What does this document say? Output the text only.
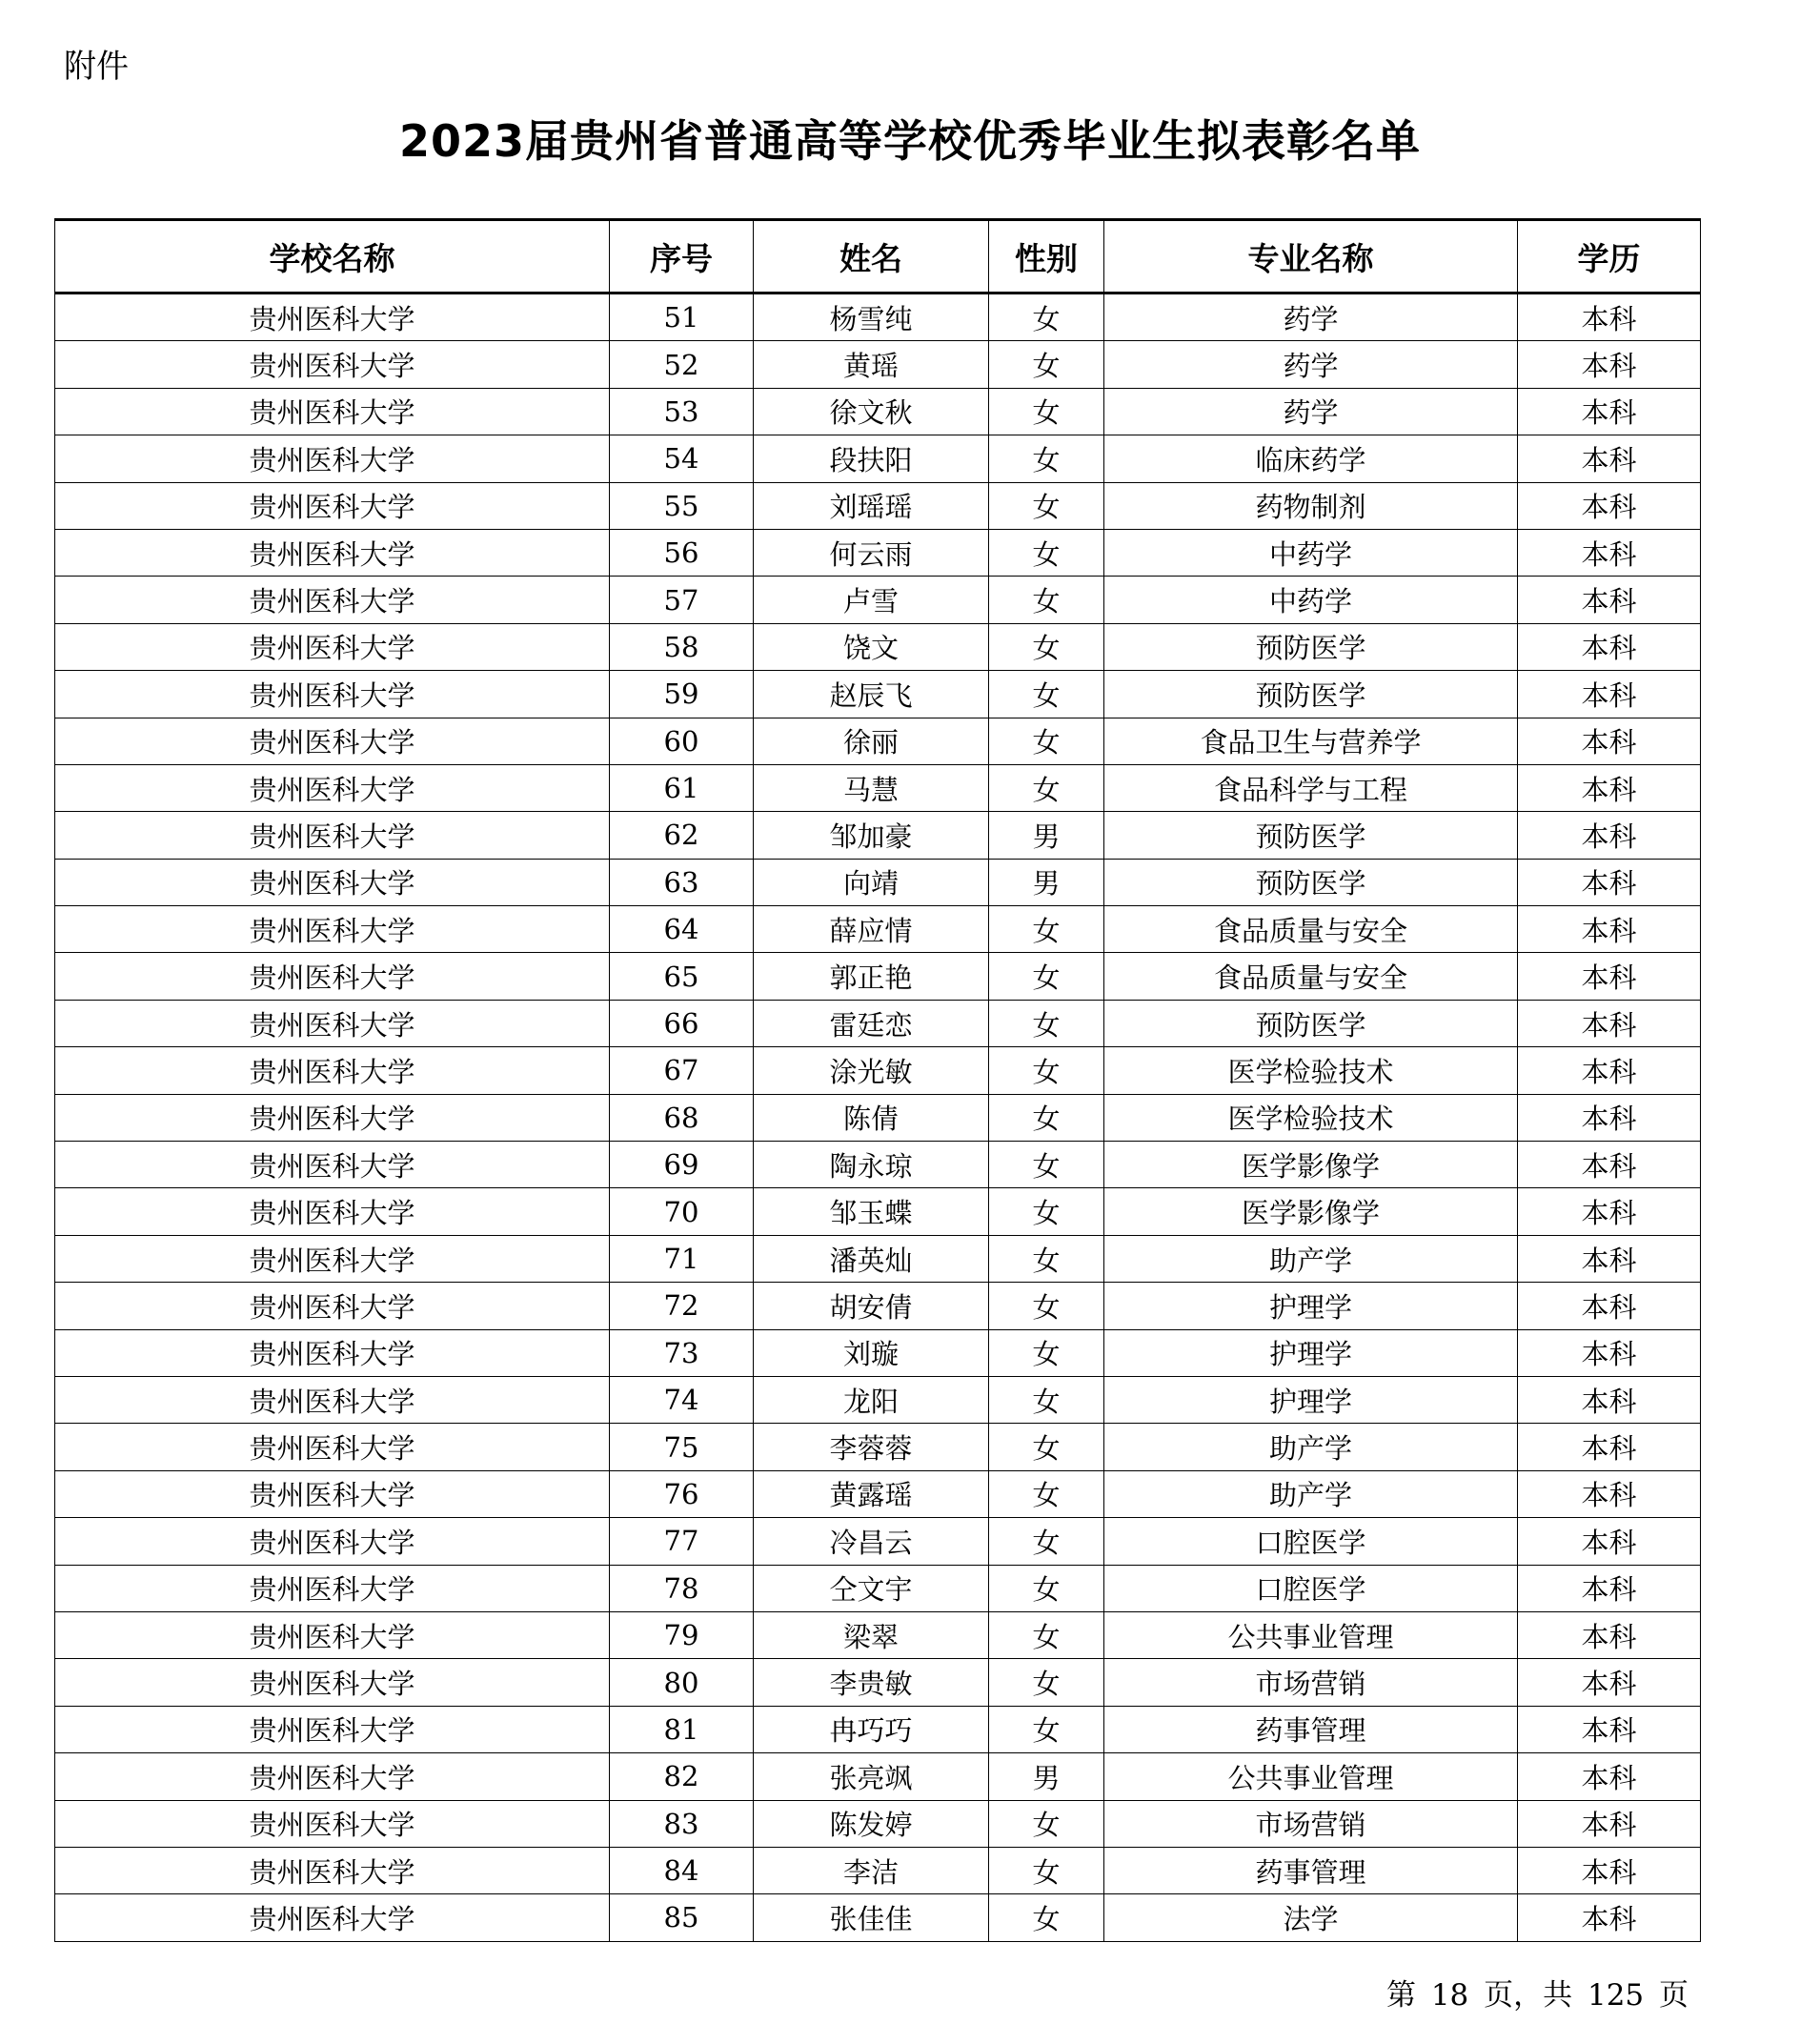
附件
2023届贵州省普通高等学校优秀毕业生拟表彰名单
学校名称	序号	姓名	性别	专业名称	学历
贵州医科大学	51	杨雪纯	女	药学	本科
贵州医科大学	52	黄瑶	女	药学	本科
贵州医科大学	53	徐文秋	女	药学	本科
贵州医科大学	54	段扶阳	女	临床药学	本科
贵州医科大学	55	刘瑶瑶	女	药物制剂	本科
贵州医科大学	56	何云雨	女	中药学	本科
贵州医科大学	57	卢雪	女	中药学	本科
贵州医科大学	58	饶文	女	预防医学	本科
贵州医科大学	59	赵辰飞	女	预防医学	本科
贵州医科大学	60	徐丽	女	食品卫生与营养学	本科
贵州医科大学	61	马慧	女	食品科学与工程	本科
贵州医科大学	62	邹加豪	男	预防医学	本科
贵州医科大学	63	向靖	男	预防医学	本科
贵州医科大学	64	薛应情	女	食品质量与安全	本科
贵州医科大学	65	郭正艳	女	食品质量与安全	本科
贵州医科大学	66	雷廷恋	女	预防医学	本科
贵州医科大学	67	涂光敏	女	医学检验技术	本科
贵州医科大学	68	陈倩	女	医学检验技术	本科
贵州医科大学	69	陶永琼	女	医学影像学	本科
贵州医科大学	70	邹玉蝶	女	医学影像学	本科
贵州医科大学	71	潘英灿	女	助产学	本科
贵州医科大学	72	胡安倩	女	护理学	本科
贵州医科大学	73	刘璇	女	护理学	本科
贵州医科大学	74	龙阳	女	护理学	本科
贵州医科大学	75	李蓉蓉	女	助产学	本科
贵州医科大学	76	黄露瑶	女	助产学	本科
贵州医科大学	77	冷昌云	女	口腔医学	本科
贵州医科大学	78	仝文宇	女	口腔医学	本科
贵州医科大学	79	梁翠	女	公共事业管理	本科
贵州医科大学	80	李贵敏	女	市场营销	本科
贵州医科大学	81	冉巧巧	女	药事管理	本科
贵州医科大学	82	张亮飒	男	公共事业管理	本科
贵州医科大学	83	陈发婷	女	市场营销	本科
贵州医科大学	84	李洁	女	药事管理	本科
贵州医科大学	85	张佳佳	女	法学	本科
第 18 页，共 125 页
